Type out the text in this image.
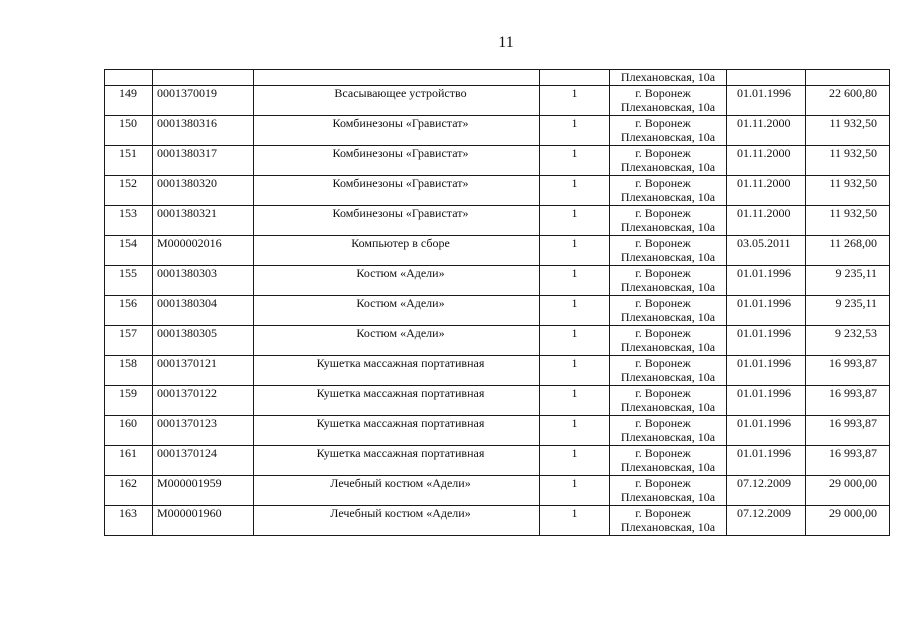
11

				Плехановская, 10а		

149	0001370019	Всасывающее устройство	1	г. Воронеж
Плехановская, 10а	01.01.1996	22 600,80

150	0001380316	Комбинезоны «Гравистат»	1	г. Воронеж
Плехановская, 10а	01.11.2000	11 932,50

151	0001380317	Комбинезоны «Гравистат»	1	г. Воронеж
Плехановская, 10а	01.11.2000	11 932,50

152	0001380320	Комбинезоны «Гравистат»	1	г. Воронеж
Плехановская, 10а	01.11.2000	11 932,50

153	0001380321	Комбинезоны «Гравистат»	1	г. Воронеж
Плехановская, 10а	01.11.2000	11 932,50

154	М000002016	Компьютер в сборе	1	г. Воронеж
Плехановская, 10а	03.05.2011	11 268,00

155	0001380303	Костюм «Адели»	1	г. Воронеж
Плехановская, 10а	01.01.1996	9 235,11

156	0001380304	Костюм «Адели»	1	г. Воронеж
Плехановская, 10а	01.01.1996	9 235,11

157	0001380305	Костюм «Адели»	1	г. Воронеж
Плехановская, 10а	01.01.1996	9 232,53

158	0001370121	Кушетка массажная портативная	1	г. Воронеж
Плехановская, 10а	01.01.1996	16 993,87

159	0001370122	Кушетка массажная портативная	1	г. Воронеж
Плехановская, 10а	01.01.1996	16 993,87

160	0001370123	Кушетка массажная портативная	1	г. Воронеж
Плехановская, 10а	01.01.1996	16 993,87

161	0001370124	Кушетка массажная портативная	1	г. Воронеж
Плехановская, 10а	01.01.1996	16 993,87

162	М000001959	Лечебный костюм «Адели»	1	г. Воронеж
Плехановская, 10а	07.12.2009	29 000,00

163	М000001960	Лечебный костюм «Адели»	1	г. Воронеж
Плехановская, 10а	07.12.2009	29 000,00
